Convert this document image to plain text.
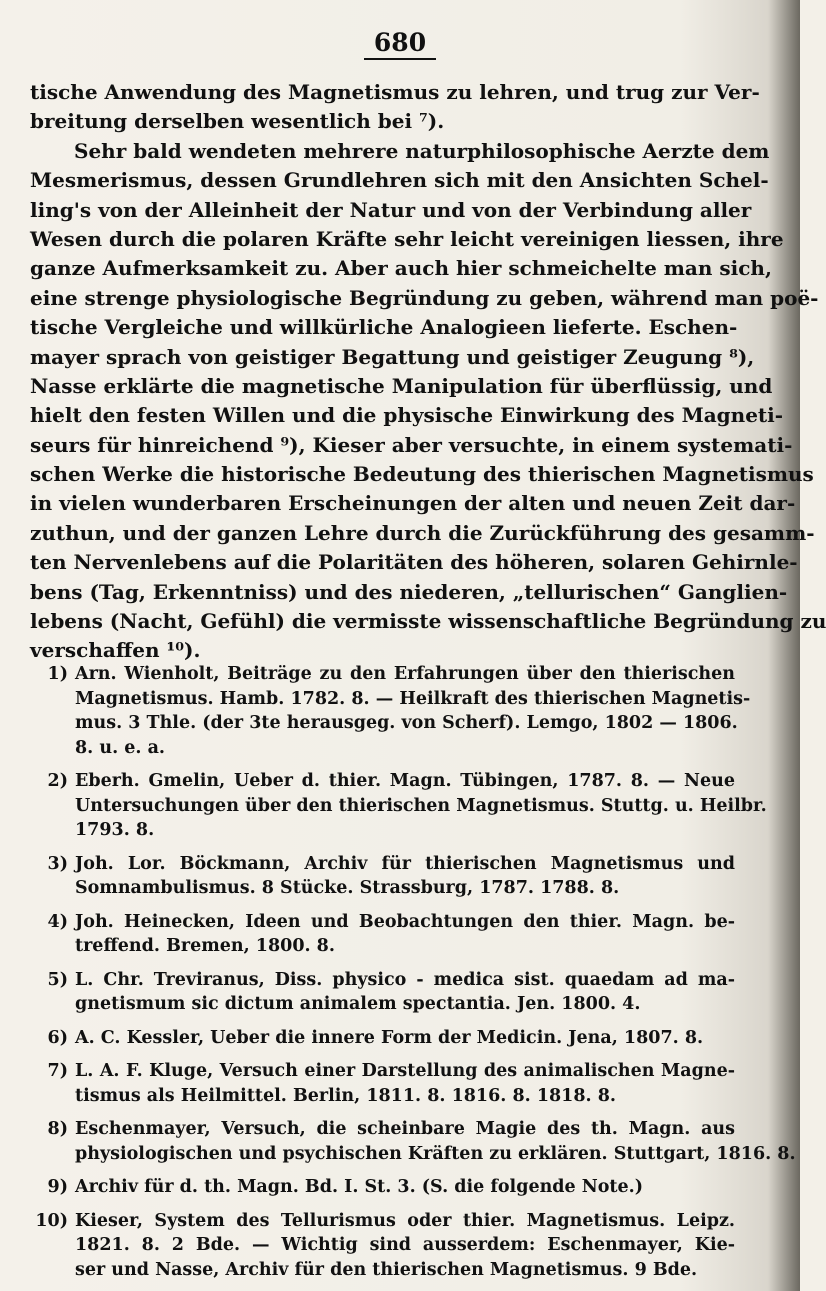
680
tische Anwendung des Magnetismus zu lehren, und trug zur Ver-
breitung derselben wesentlich bei ⁷).
Sehr bald wendeten mehrere naturphilosophische Aerzte dem
Mesmerismus, dessen Grundlehren sich mit den Ansichten Schel-
ling's von der Alleinheit der Natur und von der Verbindung aller
Wesen durch die polaren Kräfte sehr leicht vereinigen liessen, ihre
ganze Aufmerksamkeit zu. Aber auch hier schmeichelte man sich,
eine strenge physiologische Begründung zu geben, während man poë-
tische Vergleiche und willkürliche Analogieen lieferte. Eschen-
mayer sprach von geistiger Begattung und geistiger Zeugung ⁸),
Nasse erklärte die magnetische Manipulation für überflüssig, und
hielt den festen Willen und die physische Einwirkung des Magneti-
seurs für hinreichend ⁹), Kieser aber versuchte, in einem systemati-
schen Werke die historische Bedeutung des thierischen Magnetismus
in vielen wunderbaren Erscheinungen der alten und neuen Zeit dar-
zuthun, und der ganzen Lehre durch die Zurückführung des gesamm-
ten Nervenlebens auf die Polaritäten des höheren, solaren Gehirnle-
bens (Tag, Erkenntniss) und des niederen, „tellurischen“ Ganglien-
lebens (Nacht, Gefühl) die vermisste wissenschaftliche Begründung zu
verschaffen ¹⁰).
1) Arn. Wienholt, Beiträge zu den Erfahrungen über den thierischen
Magnetismus. Hamb. 1782. 8. — Heilkraft des thierischen Magnetis-
mus. 3 Thle. (der 3te herausgeg. von Scherf). Lemgo, 1802 — 1806.
8. u. e. a.
2) Eberh. Gmelin, Ueber d. thier. Magn. Tübingen, 1787. 8. — Neue
Untersuchungen über den thierischen Magnetismus. Stuttg. u. Heilbr.
1793. 8.
3) Joh. Lor. Böckmann, Archiv für thierischen Magnetismus und
Somnambulismus. 8 Stücke. Strassburg, 1787. 1788. 8.
4) Joh. Heinecken, Ideen und Beobachtungen den thier. Magn. be-
treffend. Bremen, 1800. 8.
5) L. Chr. Treviranus, Diss. physico - medica sist. quaedam ad ma-
gnetismum sic dictum animalem spectantia. Jen. 1800. 4.
6) A. C. Kessler, Ueber die innere Form der Medicin. Jena, 1807. 8.
7) L. A. F. Kluge, Versuch einer Darstellung des animalischen Magne-
tismus als Heilmittel. Berlin, 1811. 8. 1816. 8. 1818. 8.
8) Eschenmayer, Versuch, die scheinbare Magie des th. Magn. aus
physiologischen und psychischen Kräften zu erklären. Stuttgart, 1816. 8.
9) Archiv für d. th. Magn. Bd. I. St. 3. (S. die folgende Note.)
10) Kieser, System des Tellurismus oder thier. Magnetismus. Leipz.
1821. 8. 2 Bde. — Wichtig sind ausserdem: Eschenmayer, Kie-
ser und Nasse, Archiv für den thierischen Magnetismus. 9 Bde.
